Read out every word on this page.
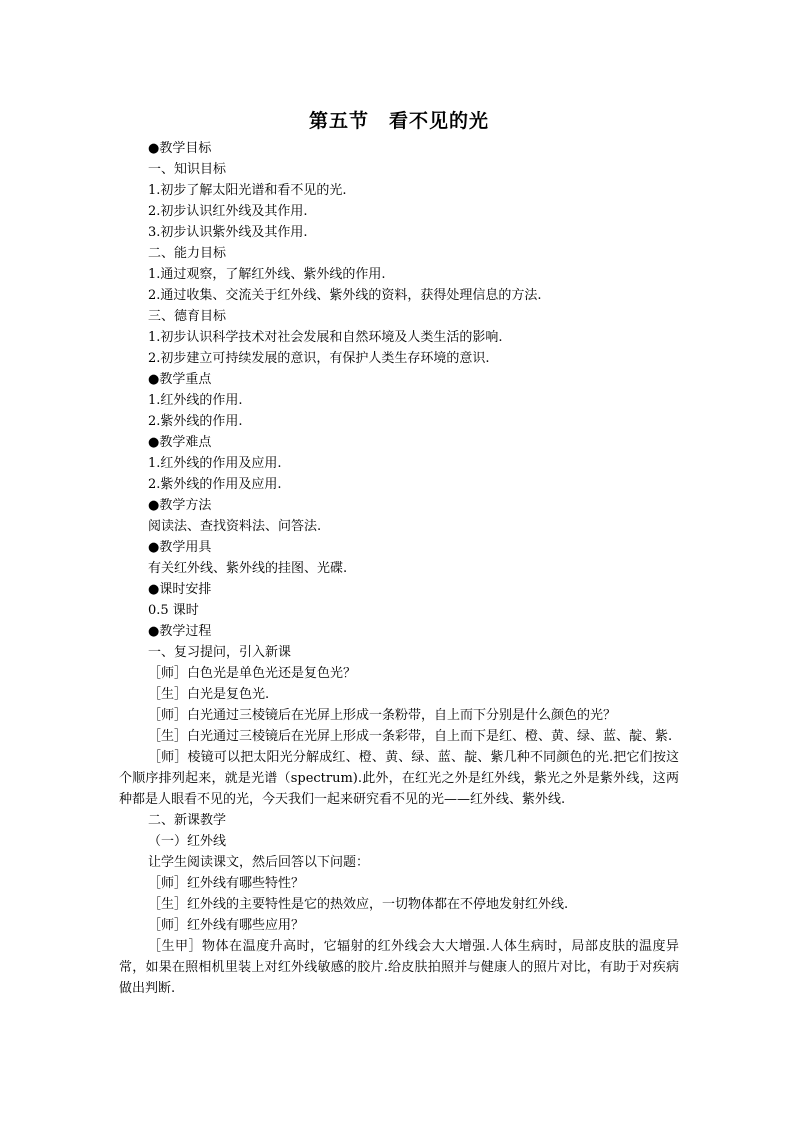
第五节　看不见的光
●教学目标
一、知识目标
1.初步了解太阳光谱和看不见的光.
2.初步认识红外线及其作用.
3.初步认识紫外线及其作用.
二、能力目标
1.通过观察，了解红外线、紫外线的作用.
2.通过收集、交流关于红外线、紫外线的资料，获得处理信息的方法.
三、德育目标
1.初步认识科学技术对社会发展和自然环境及人类生活的影响.
2.初步建立可持续发展的意识，有保护人类生存环境的意识.
●教学重点
1.红外线的作用.
2.紫外线的作用.
●教学难点
1.红外线的作用及应用.
2.紫外线的作用及应用.
●教学方法
阅读法、查找资料法、问答法.
●教学用具
有关红外线、紫外线的挂图、光碟.
●课时安排
0.5 课时
●教学过程
一、复习提问，引入新课
［师］白色光是单色光还是复色光？
［生］白光是复色光.
［师］白光通过三棱镜后在光屏上形成一条粉带，自上而下分别是什么颜色的光？
［生］白光通过三棱镜后在光屏上形成一条彩带，自上而下是红、橙、黄、绿、蓝、靛、紫.
［师］棱镜可以把太阳光分解成红、橙、黄、绿、蓝、靛、紫几种不同颜色的光.把它们按这个顺序排列起来，就是光谱（spectrum).此外，在红光之外是红外线，紫光之外是紫外线，这两种都是人眼看不见的光，今天我们一起来研究看不见的光——红外线、紫外线.
二、新课教学
（一）红外线
让学生阅读课文，然后回答以下问题：
［师］红外线有哪些特性？
［生］红外线的主要特性是它的热效应，一切物体都在不停地发射红外线.
［师］红外线有哪些应用？
［生甲］物体在温度升高时，它辐射的红外线会大大增强.人体生病时，局部皮肤的温度异常，如果在照相机里装上对红外线敏感的胶片.给皮肤拍照并与健康人的照片对比，有助于对疾病做出判断.
